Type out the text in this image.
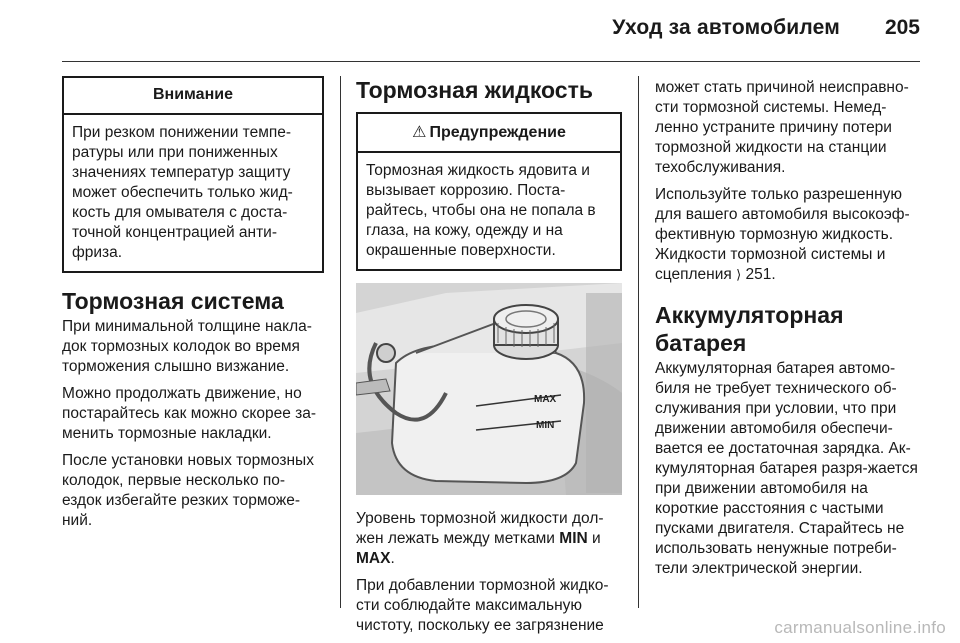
Уход за автомобилем 205
Внимание
При резком понижении темпе-ратуры или при пониженных значениях температур защиту может обеспечить только жид-кость для омывателя с доста-точной концентрацией анти-фриза.
Тормозная система

При минимальной толщине накла-док тормозных колодок во время торможения слышно визжание.

Можно продолжать движение, но постарайтесь как можно скорее за-менить тормозные накладки.

После установки новых тормозных колодок, первые несколько по-ездок избегайте резких торможе-ний.

Тормозная жидкость
⚠ Предупреждение
Тормозная жидкость ядовита и вызывает коррозию. Поста-райтесь, чтобы она не попала в глаза, на кожу, одежду и на окрашенные поверхности.
MAX
MIN

Уровень тормозной жидкости дол-жен лежать между метками MIN и MAX.

При добавлении тормозной жидко-сти соблюдайте максимальную чистоту, поскольку ее загрязнение

может стать причиной неисправно-сти тормозной системы. Немед-ленно устраните причину потери тормозной жидкости на станции техобслуживания.

Используйте только разрешенную для вашего автомобиля высокоэф-фективную тормозную жидкость.

Жидкости тормозной системы и сцепления ⟩ 251.

Аккумуляторная батарея

Аккумуляторная батарея автомо-биля не требует технического об-служивания при условии, что при движении автомобиля обеспечи-вается ее достаточная зарядка. Ак-кумуляторная батарея разря-жается при движении автомобиля на короткие расстояния с частыми пусками двигателя. Старайтесь не использовать ненужные потреби-тели электрической энергии.

carmanualsonline.info
